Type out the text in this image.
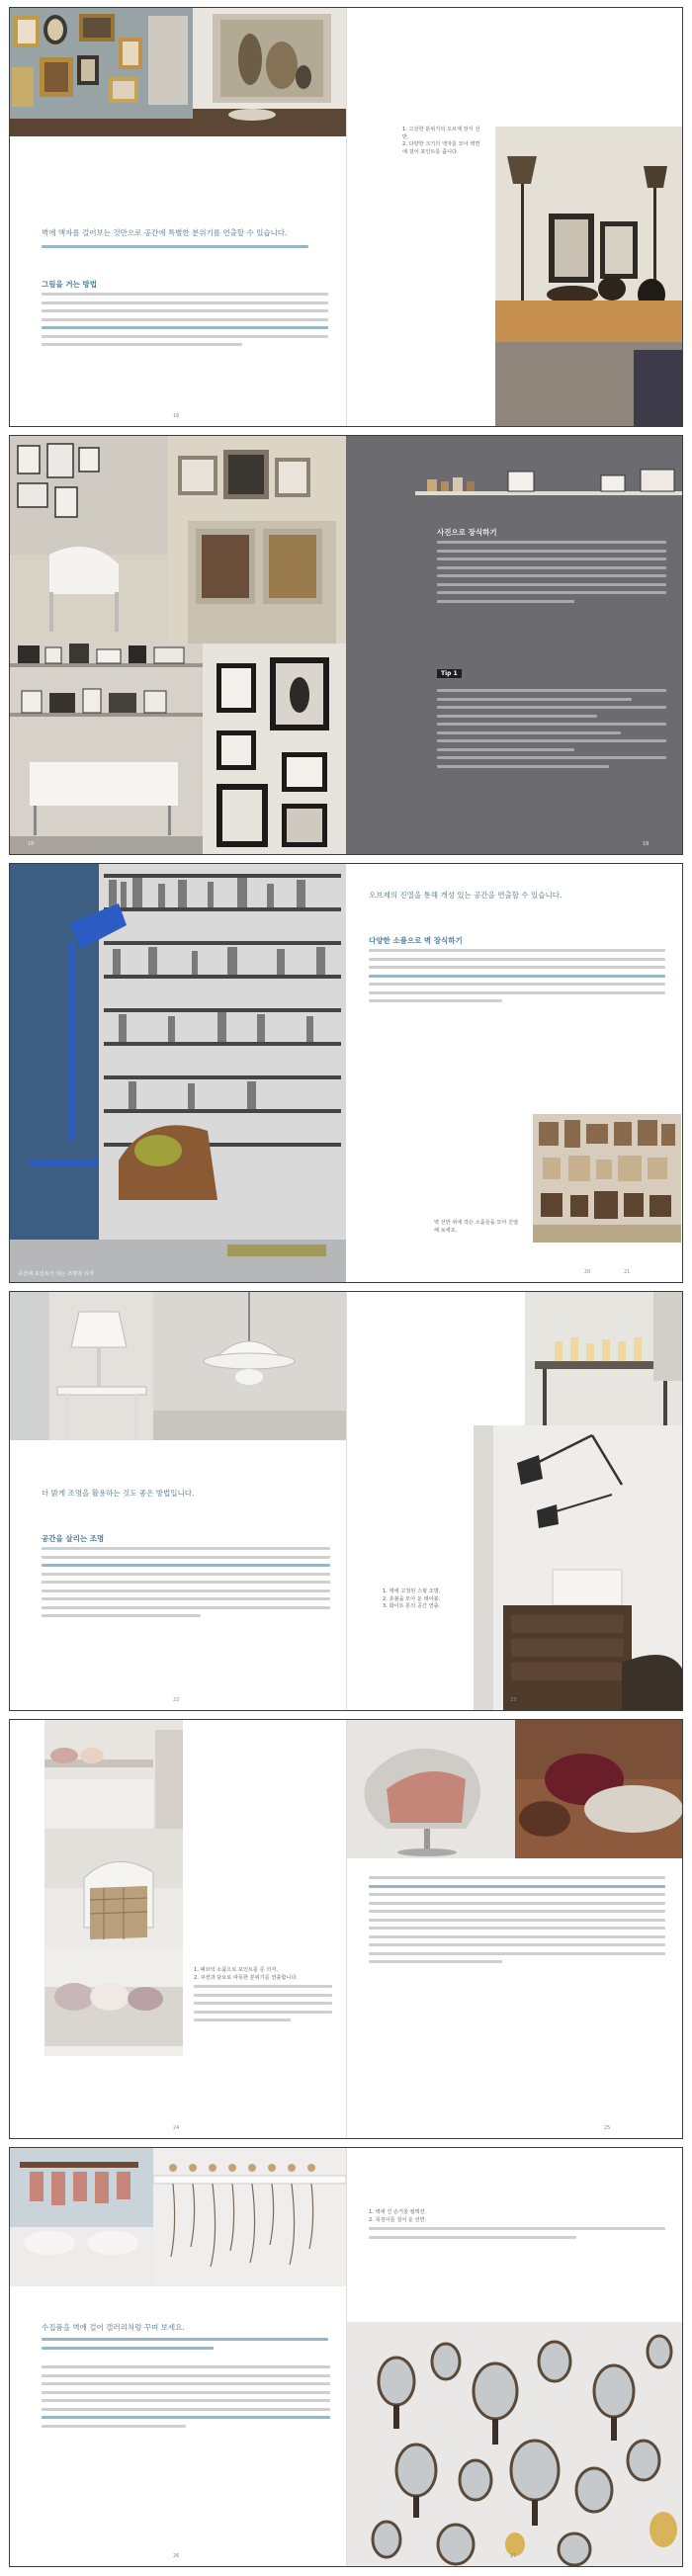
벽에 액자를 걸어보는 것만으로 공간에 특별한 분위기를 연출할 수 있습니다.
그림을 거는 방법
16
1. 고상한 분위기의 오브제 장식 선반.
2. 다양한 크기의 액자를 모아 벽면에 걸어 포인트를 줍니다.
17
18
사진으로 장식하기
Tip 1
19
공간에 포인트가 되는 조명과 의자
오브제의 진열을 통해 개성 있는 공간을 연출할 수 있습니다.
다양한 소품으로 벽 장식하기
벽 선반 위에 작은 소품들을 모아 진열해 보세요.
20	21
더 밝게 조명을 활용하는 것도 좋은 방법입니다.
공간을 살리는 조명
22
1. 벽에 고정된 스윙 조명.
2. 촛불을 모아 둔 테이블.
3. 화이트 톤의 공간 연출.
23
1. 패브릭 소품으로 포인트를 준 의자.
2. 쿠션과 담요로 따뜻한 분위기를 연출합니다.
24	25
수집품을 벽에 걸어 갤러리처럼 꾸며 보세요.
26
1. 벽에 건 손거울 컬렉션.
2. 목걸이를 걸어 둔 선반.
27
